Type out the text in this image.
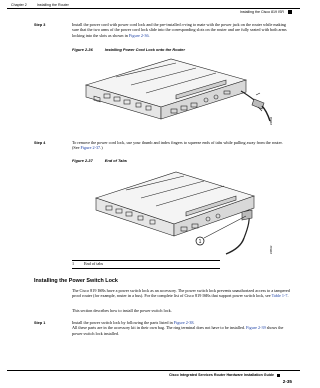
Chapter 2	Installing the Router
Installing the Cisco 819 ISR
Step 3	Install the power cord with power cord lock and the pre-installed o-ring to mate with the power jack on the router while making sure that the two arms of the power cord lock slide into the corresponding slots on the router and are fully seated with both arms locking into the slots as shown in Figure 2-36.
Figure 2-36	Installing Power Cord Lock onto the Router
245611
Step 4	To remove the power cord lock, use your thumb and index fingers to squeeze ends of tabs while pulling away from the router. (See Figure 2-37.)
Figure 2-37	End of Tabs
1
245612
1 End of tabs
Installing the Power Switch Lock
The Cisco 819 ISRs have a power switch lock as an accessory. The power switch lock prevents unauthorized access to a tampered proof router (for example, router in a bus). For the complete list of Cisco 819 ISRs that support power switch lock, see Table 1-7.
This section describes how to install the power switch lock.
Step 1	Install the power switch lock by following the parts listed in Figure 2-38.
All these parts are in the accessory kit in their own bag. The ring terminal does not have to be installed. Figure 2-39 shows the power switch lock installed.
Cisco Integrated Services Router Hardware Installation Guide
2-35
